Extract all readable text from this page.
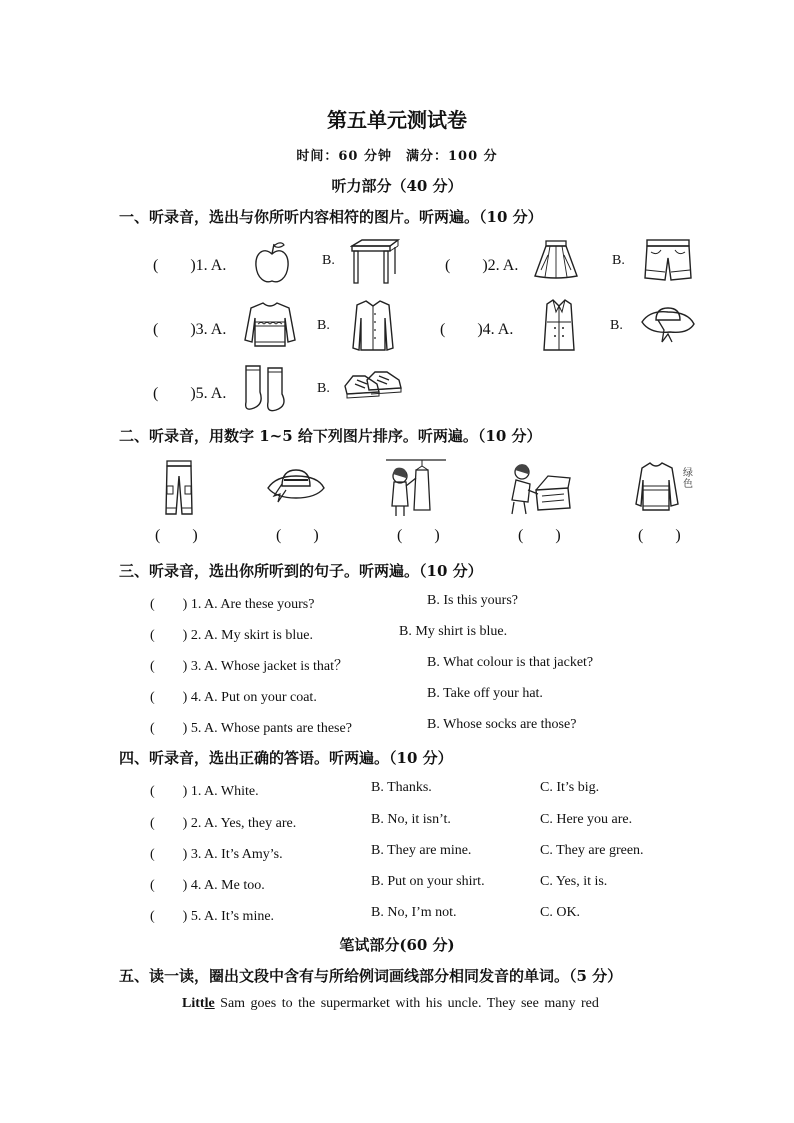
第五单元测试卷
时间：60 分钟　满分：100 分
听力部分（40 分）
一、听录音，选出与你所听内容相符的图片。听两遍。（10 分）
(　　)1. A.	B.	(　　)2. A.	B.
(　　)3. A.	B.	(　　)4. A.	B.
(　　)5. A.	B.
二、听录音，用数字 1~5 给下列图片排序。听两遍。（10 分）
绿色
(　　)	(　　)	(　　)	(　　)	(　　)
三、听录音，选出你所听到的句子。听两遍。（10 分）
(　　) 1. A. Are these yours?	B. Is this yours?
(　　) 2. A. My skirt is blue.	B. My shirt is blue.
(　　) 3. A. Whose jacket is that？	B. What colour is that jacket?
(　　) 4. A. Put on your coat.	B. Take off your hat.
(　　) 5. A. Whose pants are these?	B. Whose socks are those?
四、听录音，选出正确的答语。听两遍。（10 分）
(　　) 1. A. White.	B. Thanks.	C. It’s big.
(　　) 2. A. Yes, they are.	B. No, it isn’t.	C. Here you are.
(　　) 3. A. It’s Amy’s.	B. They are mine.	C. They are green.
(　　) 4. A. Me too.	B. Put on your shirt.	C. Yes, it is.
(　　) 5. A. It’s mine.	B. No, I’m not.	C. OK.
笔试部分(60 分)
五、读一读，圈出文段中含有与所给例词画线部分相同发音的单词。（5 分）
Little Sam goes to the supermarket with his uncle. They see many red
